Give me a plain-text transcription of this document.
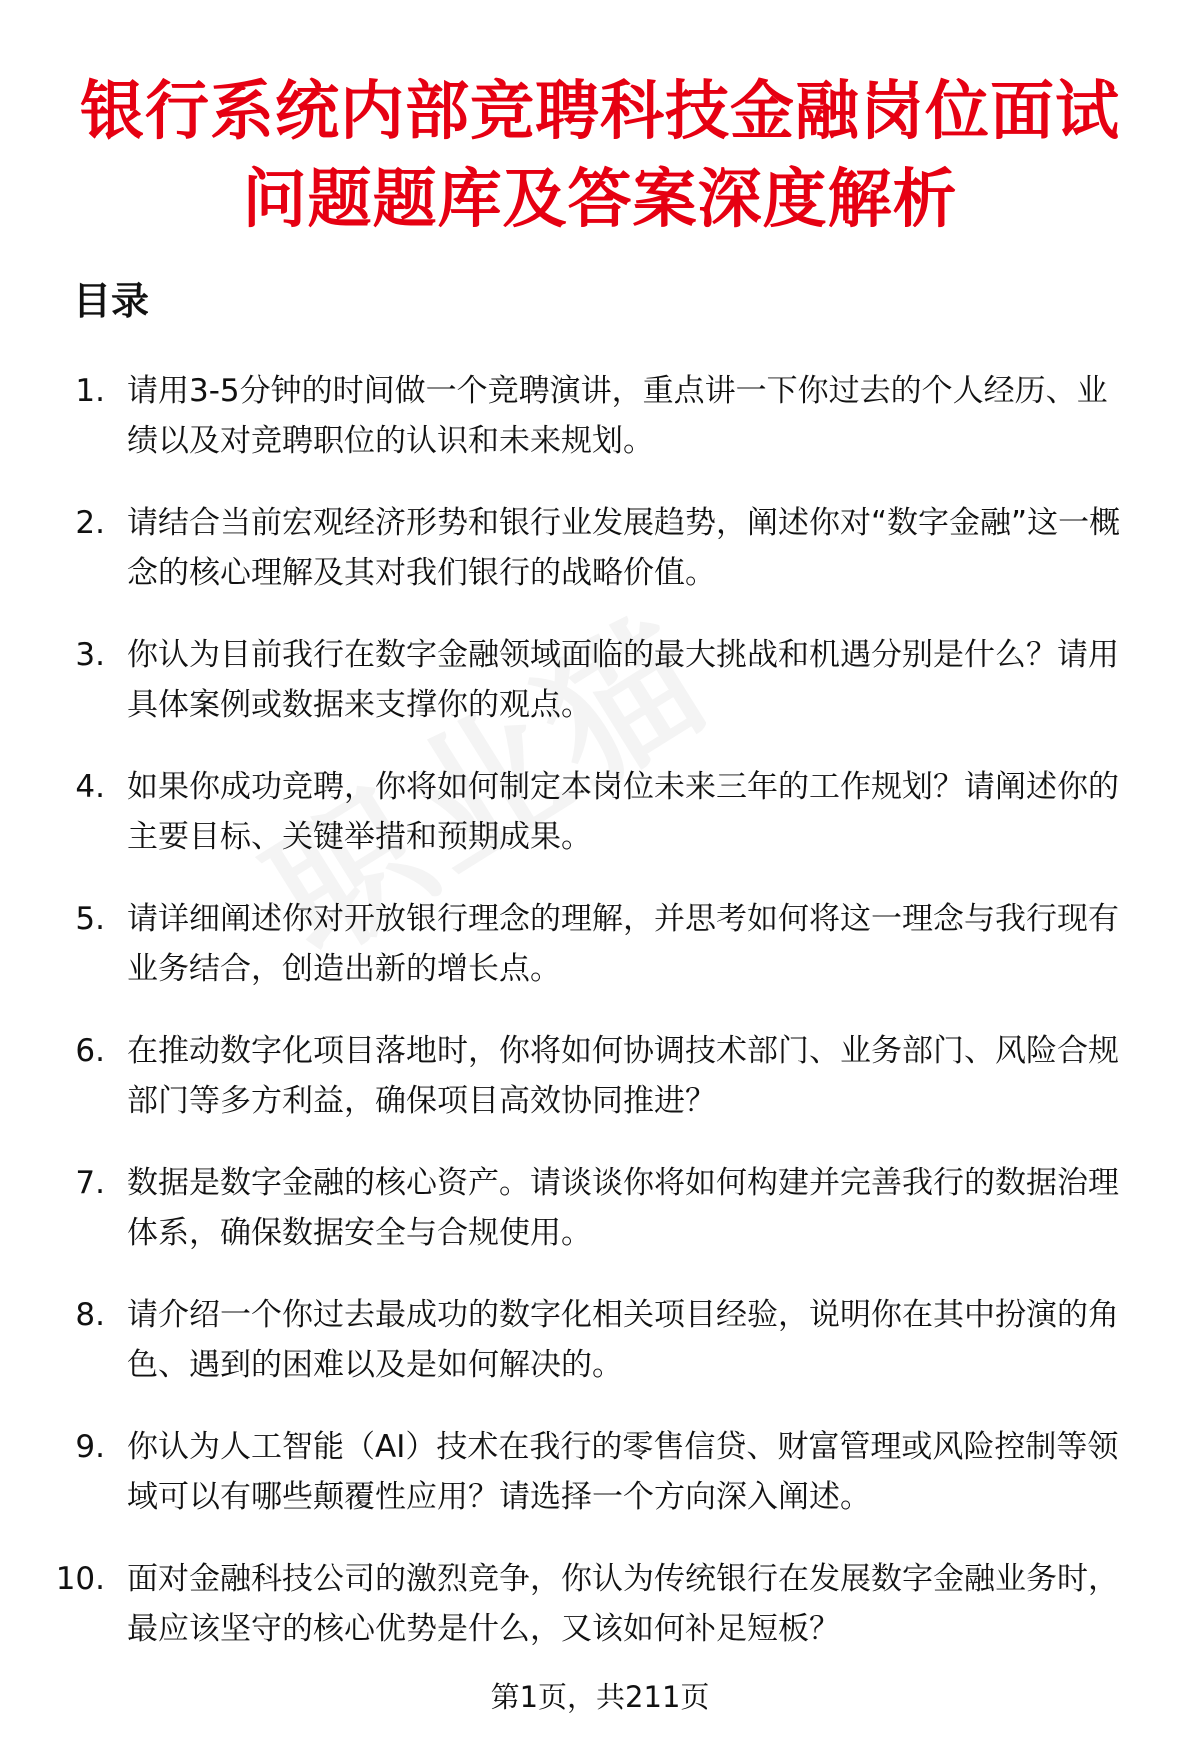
银行系统内部竞聘科技金融岗位面试问题题库及答案深度解析
目录
1. 请用3-5分钟的时间做一个竞聘演讲，重点讲一下你过去的个人经历、业绩以及对竞聘职位的认识和未来规划。
2. 请结合当前宏观经济形势和银行业发展趋势，阐述你对“数字金融”这一概念的核心理解及其对我们银行的战略价值。
3. 你认为目前我行在数字金融领域面临的最大挑战和机遇分别是什么？请用具体案例或数据来支撑你的观点。
4. 如果你成功竞聘，你将如何制定本岗位未来三年的工作规划？请阐述你的主要目标、关键举措和预期成果。
5. 请详细阐述你对开放银行理念的理解，并思考如何将这一理念与我行现有业务结合，创造出新的增长点。
6. 在推动数字化项目落地时，你将如何协调技术部门、业务部门、风险合规部门等多方利益，确保项目高效协同推进？
7. 数据是数字金融的核心资产。请谈谈你将如何构建并完善我行的数据治理体系，确保数据安全与合规使用。
8. 请介绍一个你过去最成功的数字化相关项目经验，说明你在其中扮演的角色、遇到的困难以及是如何解决的。
9. 你认为人工智能（AI）技术在我行的零售信贷、财富管理或风险控制等领域可以有哪些颠覆性应用？请选择一个方向深入阐述。
10. 面对金融科技公司的激烈竞争，你认为传统银行在发展数字金融业务时，最应该坚守的核心优势是什么，又该如何补足短板？
第1页，共211页
